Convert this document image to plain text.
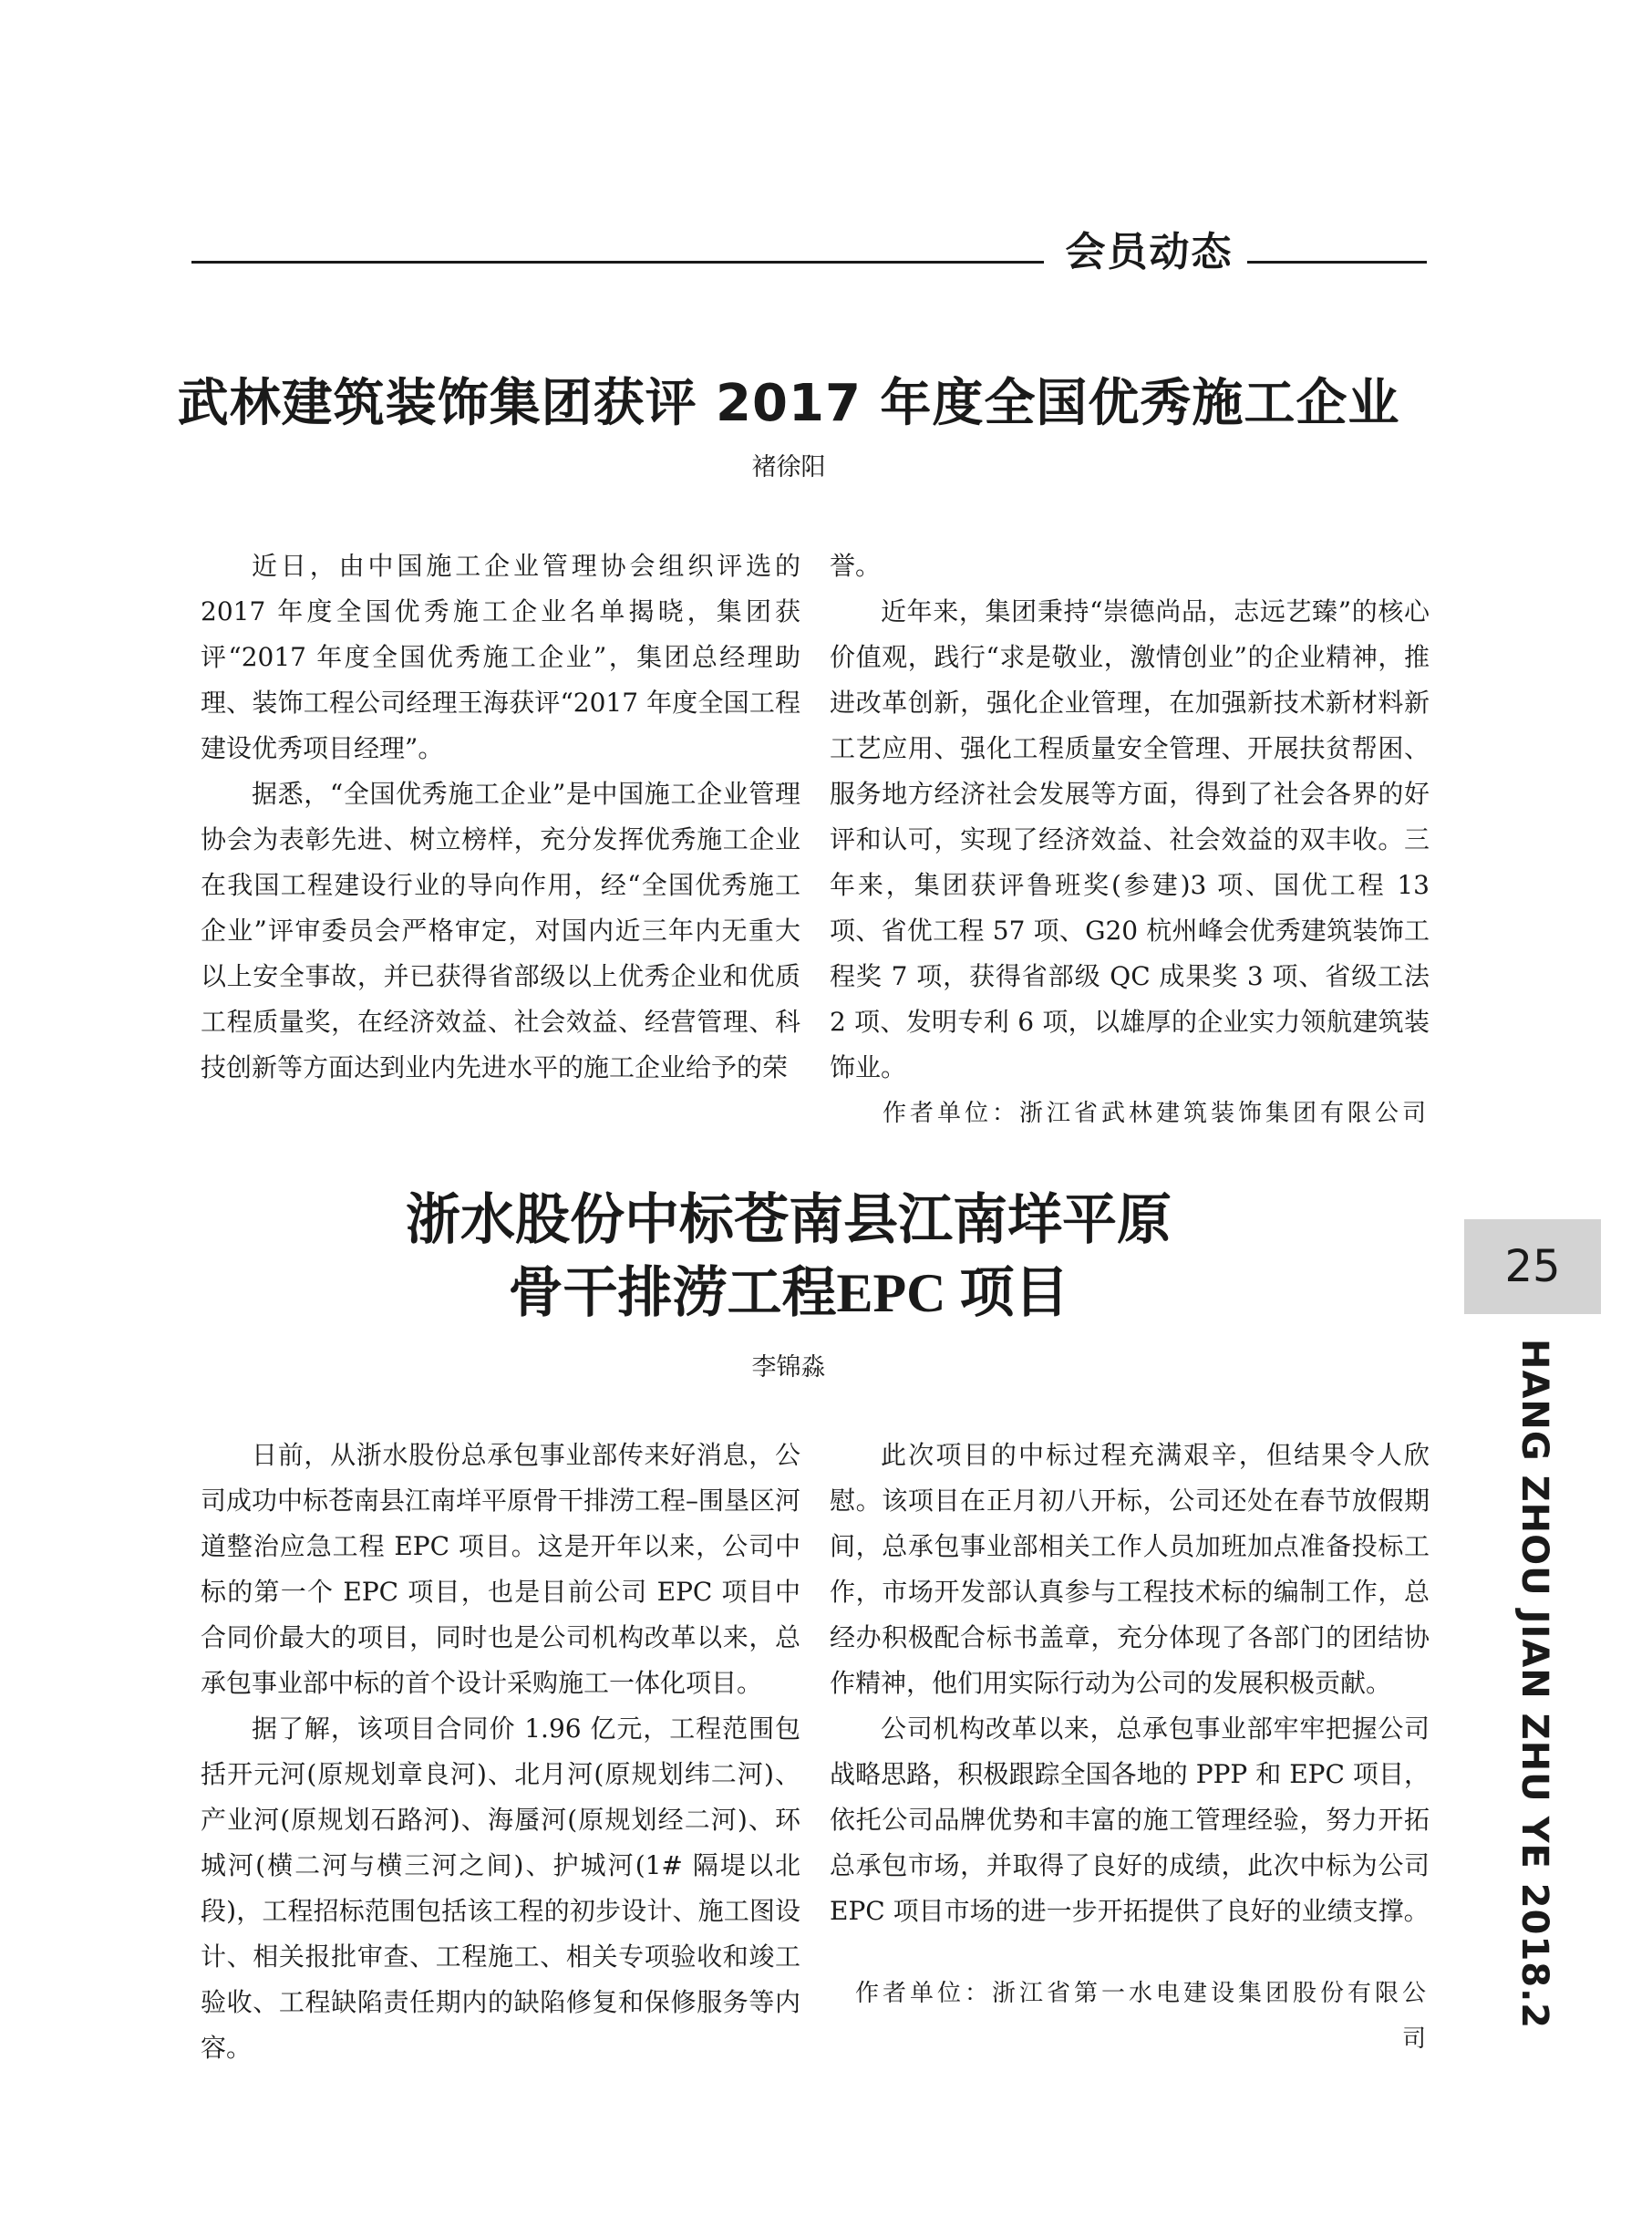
会员动态
武林建筑装饰集团获评 2017 年度全国优秀施工企业
褚徐阳

近日，由中国施工企业管理协会组织评选的 2017 年度全国优秀施工企业名单揭晓，集团获评“2017 年度全国优秀施工企业”，集团总经理助理、装饰工程公司经理王海获评“2017 年度全国工程建设优秀项目经理”。

据悉，“全国优秀施工企业”是中国施工企业管理协会为表彰先进、树立榜样，充分发挥优秀施工企业在我国工程建设行业的导向作用，经“全国优秀施工企业”评审委员会严格审定，对国内近三年内无重大以上安全事故，并已获得省部级以上优秀企业和优质工程质量奖，在经济效益、社会效益、经营管理、科技创新等方面达到业内先进水平的施工企业给予的荣

誉。

近年来，集团秉持“崇德尚品，志远艺臻”的核心价值观，践行“求是敬业，激情创业”的企业精神，推进改革创新，强化企业管理，在加强新技术新材料新工艺应用、强化工程质量安全管理、开展扶贫帮困、服务地方经济社会发展等方面，得到了社会各界的好评和认可，实现了经济效益、社会效益的双丰收。三年来，集团获评鲁班奖(参建)3 项、国优工程 13 项、省优工程 57 项、G20 杭州峰会优秀建筑装饰工程奖 7 项，获得省部级 QC 成果奖 3 项、省级工法 2 项、发明专利 6 项，以雄厚的企业实力领航建筑装饰业。

作者单位：浙江省武林建筑装饰集团有限公司
浙水股份中标苍南县江南垟平原
骨干排涝工程EPC 项目
李锦淼

日前，从浙水股份总承包事业部传来好消息，公司成功中标苍南县江南垟平原骨干排涝工程–围垦区河道整治应急工程 EPC 项目。这是开年以来，公司中标的第一个 EPC 项目，也是目前公司 EPC 项目中合同价最大的项目，同时也是公司机构改革以来，总承包事业部中标的首个设计采购施工一体化项目。

据了解，该项目合同价 1.96 亿元，工程范围包括开元河(原规划章良河)、北月河(原规划纬二河)、产业河(原规划石路河)、海蜃河(原规划经二河)、环城河(横二河与横三河之间)、护城河(1# 隔堤以北段)，工程招标范围包括该工程的初步设计、施工图设计、相关报批审查、工程施工、相关专项验收和竣工验收、工程缺陷责任期内的缺陷修复和保修服务等内容。

此次项目的中标过程充满艰辛，但结果令人欣慰。该项目在正月初八开标，公司还处在春节放假期间，总承包事业部相关工作人员加班加点准备投标工作，市场开发部认真参与工程技术标的编制工作，总经办积极配合标书盖章，充分体现了各部门的团结协作精神，他们用实际行动为公司的发展积极贡献。

公司机构改革以来，总承包事业部牢牢把握公司战略思路，积极跟踪全国各地的 PPP 和 EPC 项目，依托公司品牌优势和丰富的施工管理经验，努力开拓总承包市场，并取得了良好的成绩，此次中标为公司 EPC 项目市场的进一步开拓提供了良好的业绩支撑。

作者单位：浙江省第一水电建设集团股份有限公司
25
HANG ZHOU JIAN ZHU YE 2018.2
